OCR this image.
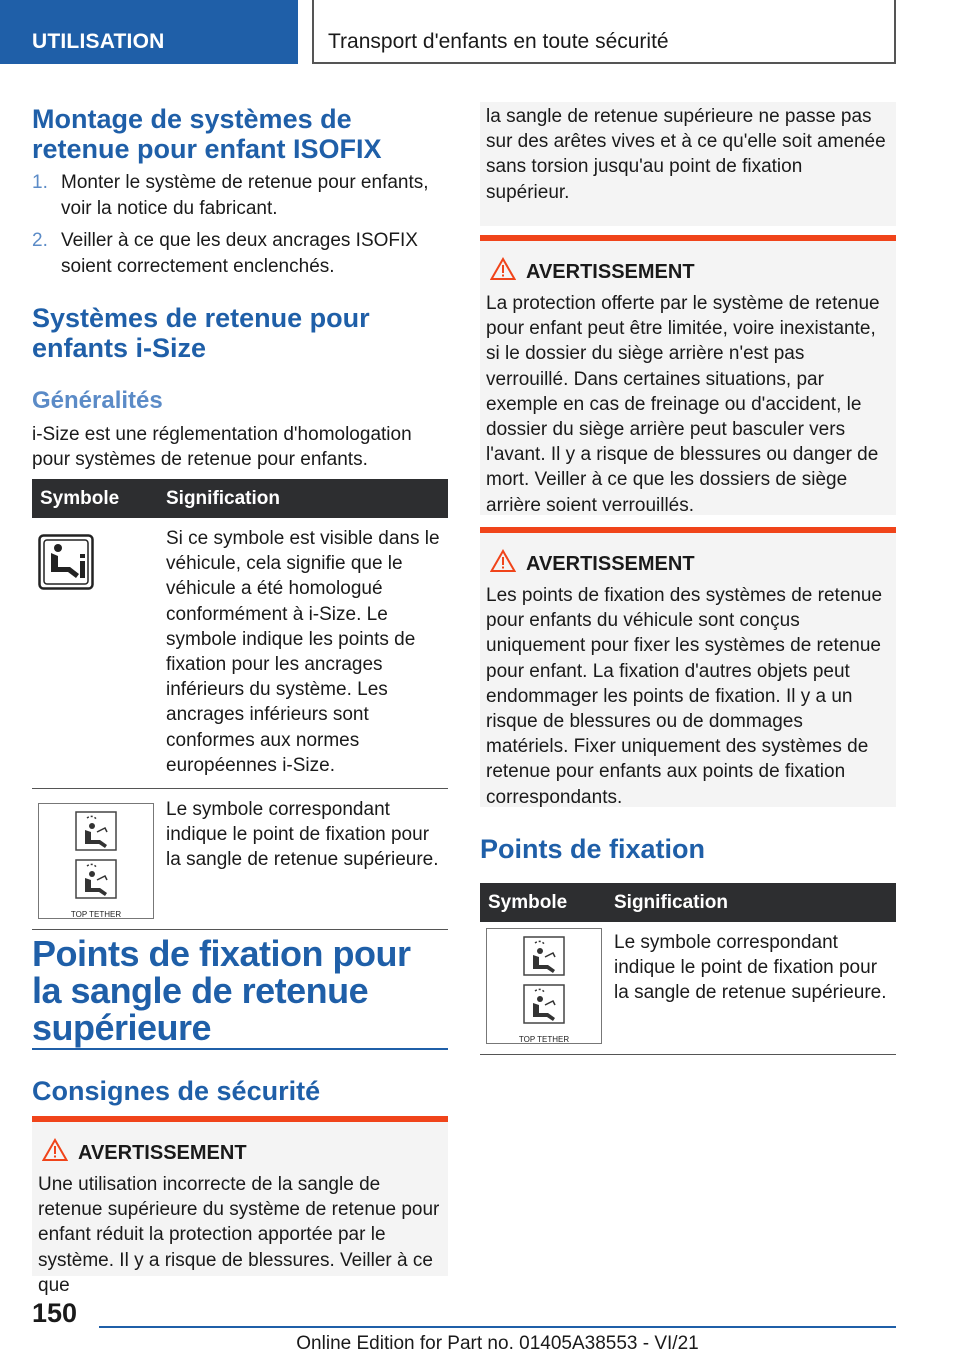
UTILISATION	Transport d'enfants en toute sécurité
Montage de systèmes de retenue pour enfant ISOFIX
1. Monter le système de retenue pour enfants, voir la notice du fabricant.
2. Veiller à ce que les deux ancrages ISOFIX soient correctement enclenchés.
Systèmes de retenue pour enfants i-Size
Généralités

i-Size est une réglementation d'homologation pour systèmes de retenue pour enfants.

Symbole	Signification

	Si ce symbole est visible dans le véhicule, cela signifie que le véhicule a été homologué conformément à i-Size. Le symbole indique les points de fixation pour les ancrages inférieurs du système. Les ancrages inférieurs sont conformes aux normes européennes i-Size.

TOP TETHER	Le symbole correspondant indique le point de fixation pour la sangle de retenue supérieure.
Points de fixation pour la sangle de retenue supérieure
Consignes de sécurité
AVERTISSEMENT

Une utilisation incorrecte de la sangle de retenue supérieure du système de retenue pour enfant réduit la protection apportée par le système. Il y a risque de blessures. Veiller à ce que

la sangle de retenue supérieure ne passe pas sur des arêtes vives et à ce qu'elle soit amenée sans torsion jusqu'au point de fixation supérieur.

AVERTISSEMENT

La protection offerte par le système de retenue pour enfant peut être limitée, voire inexistante, si le dossier du siège arrière n'est pas verrouillé. Dans certaines situations, par exemple en cas de freinage ou d'accident, le dossier du siège arrière peut basculer vers l'avant. Il y a risque de blessures ou danger de mort. Veiller à ce que les dossiers de siège arrière soient verrouillés.

AVERTISSEMENT

Les points de fixation des systèmes de retenue pour enfants du véhicule sont conçus uniquement pour fixer les systèmes de retenue pour enfant. La fixation d'autres objets peut endommager les points de fixation. Il y a un risque de blessures ou de dommages matériels. Fixer uniquement des systèmes de retenue pour enfants aux points de fixation correspondants.

Points de fixation
Symbole	Signification

TOP TETHER	Le symbole correspondant indique le point de fixation pour la sangle de retenue supérieure.
150
Online Edition for Part no. 01405A38553 - VI/21
